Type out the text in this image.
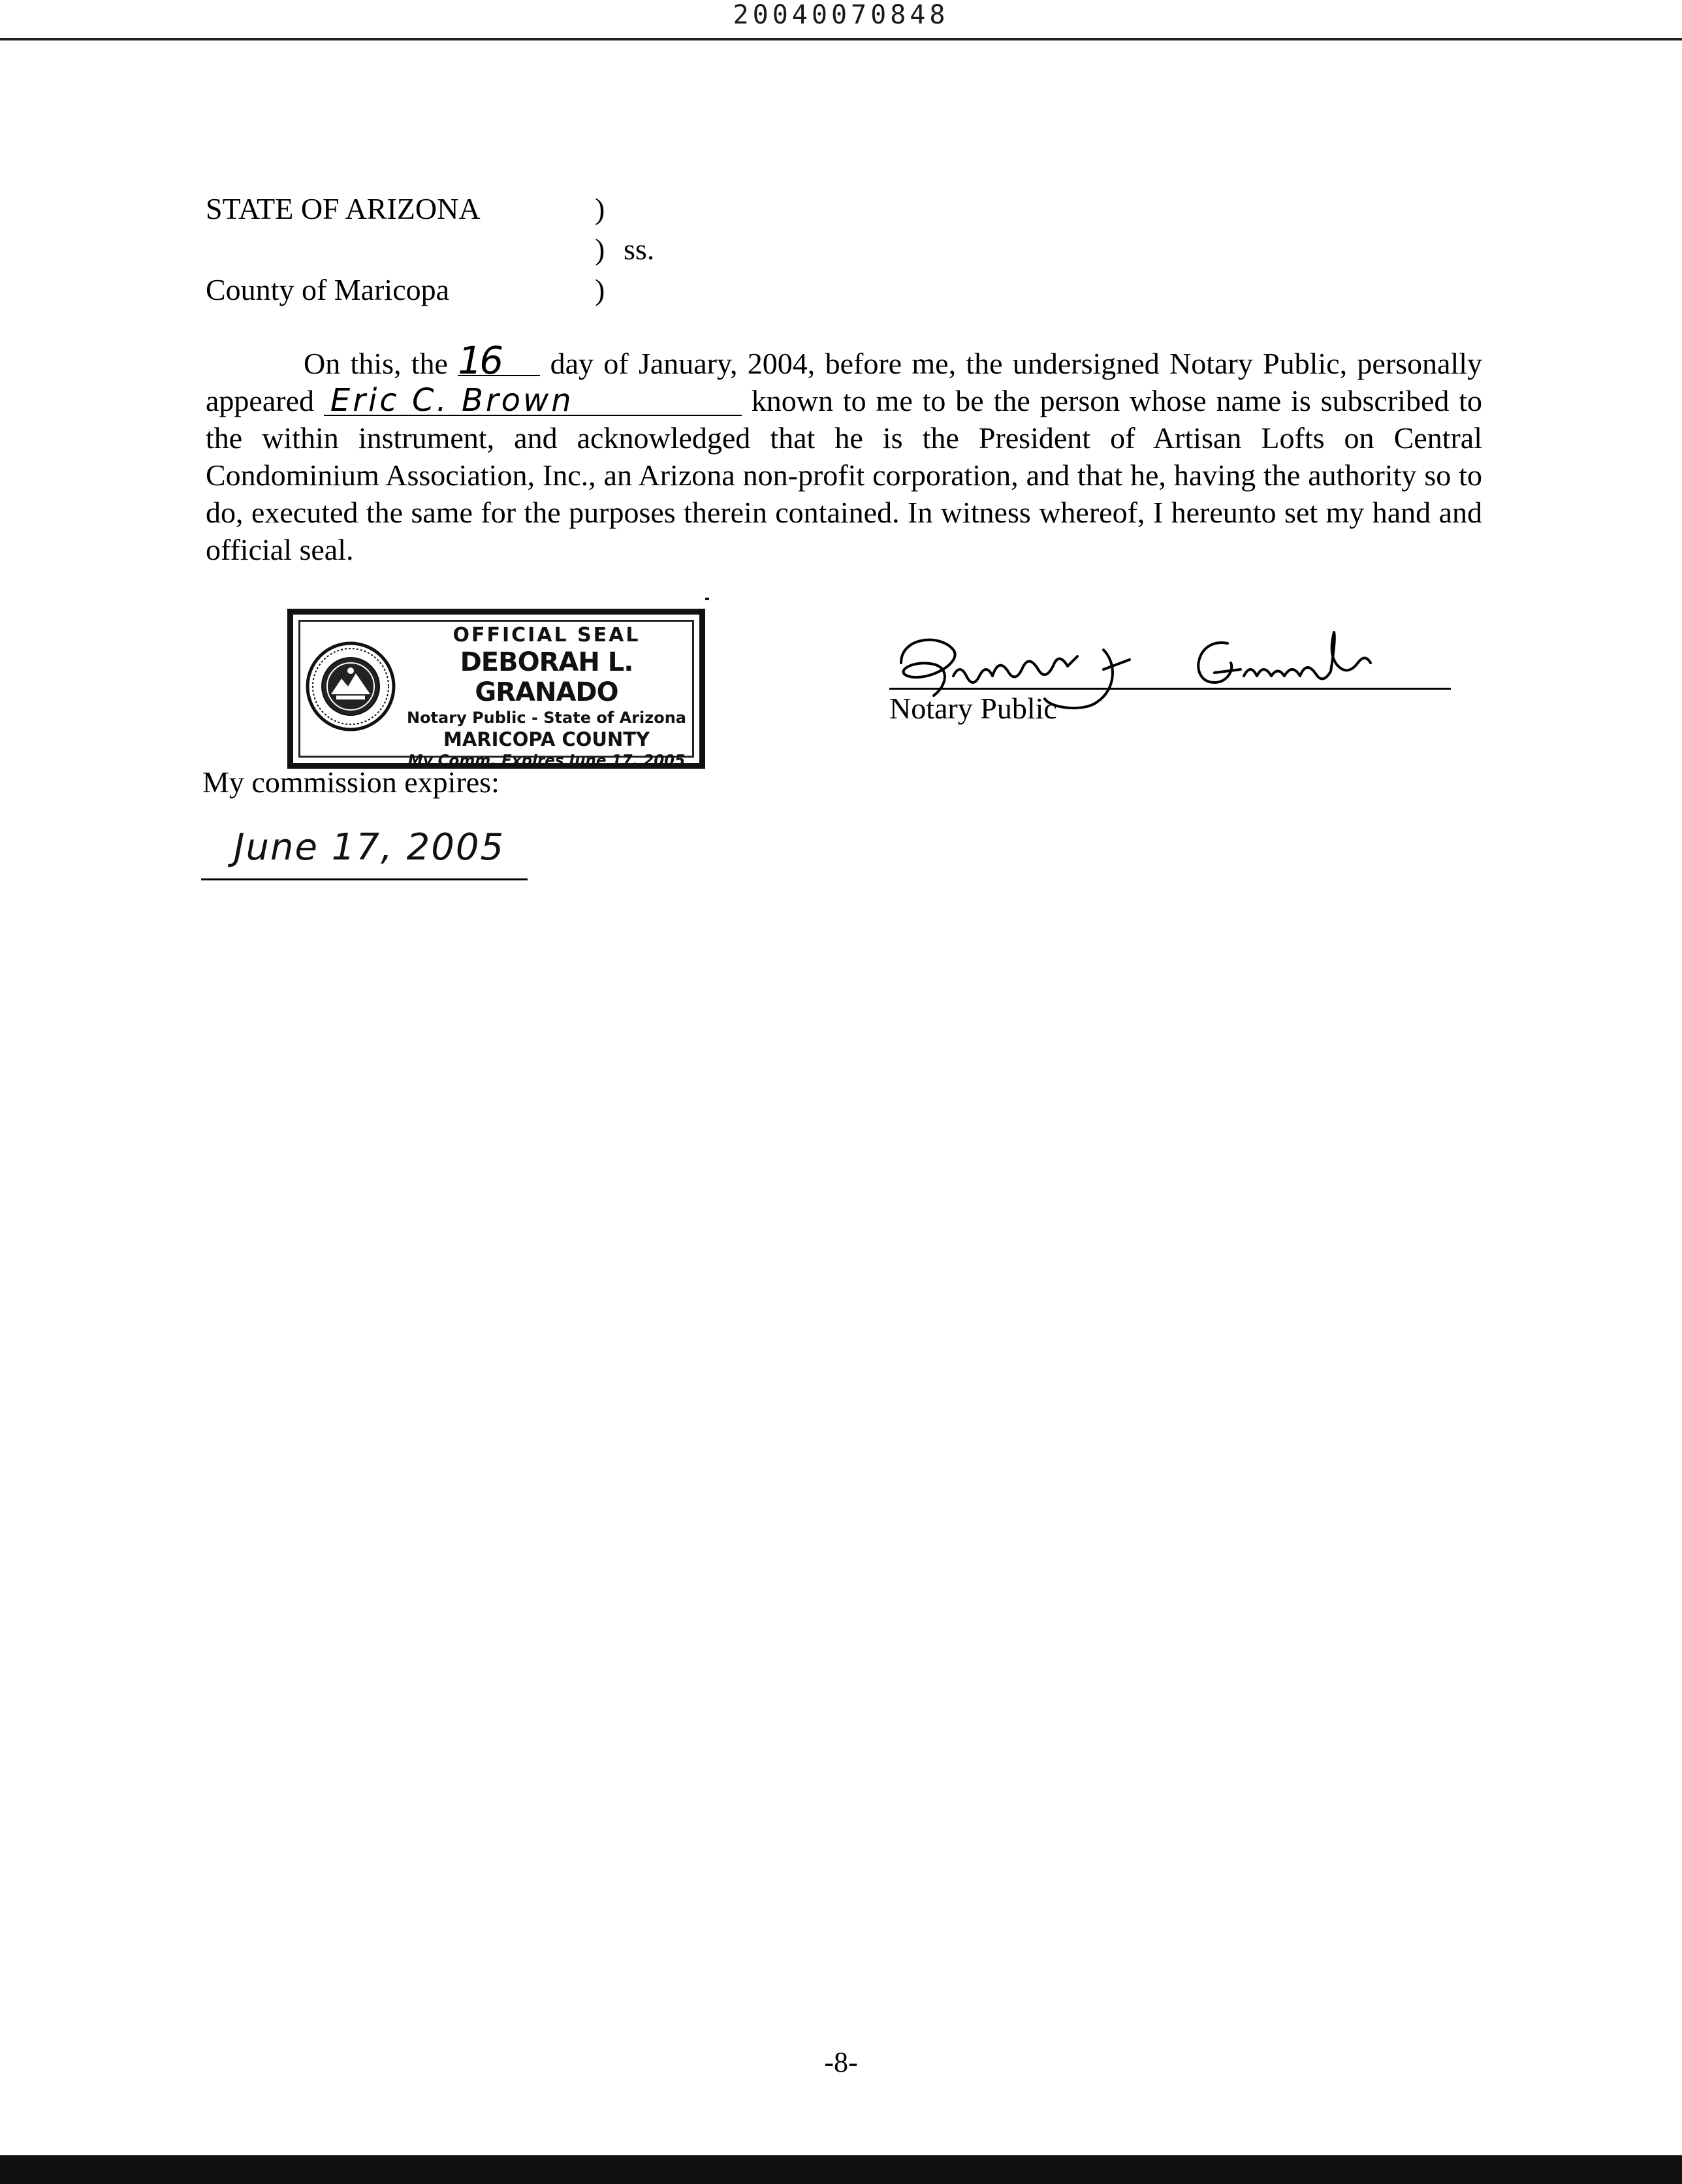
20040070848
STATE OF ARIZONA	)
) ss.
County of Maricopa	)

On this, the 16 day of January, 2004, before me, the undersigned Notary Public, personally appeared Eric C. Brown	known to me to be the person whose name is subscribed to the within instrument, and acknowledged that he is the President of Artisan Lofts on Central Condominium Association, Inc., an Arizona non-profit corporation, and that he, having the authority so to do, executed the same for the purposes therein contained. In witness whereof, I hereunto set my hand and official seal.

OFFICIAL SEAL
DEBORAH L. GRANADO
Notary Public - State of Arizona
MARICOPA COUNTY
My Comm. Expires June 17, 2005
Notary Public
My commission expires:
June 17, 2005
-8-
